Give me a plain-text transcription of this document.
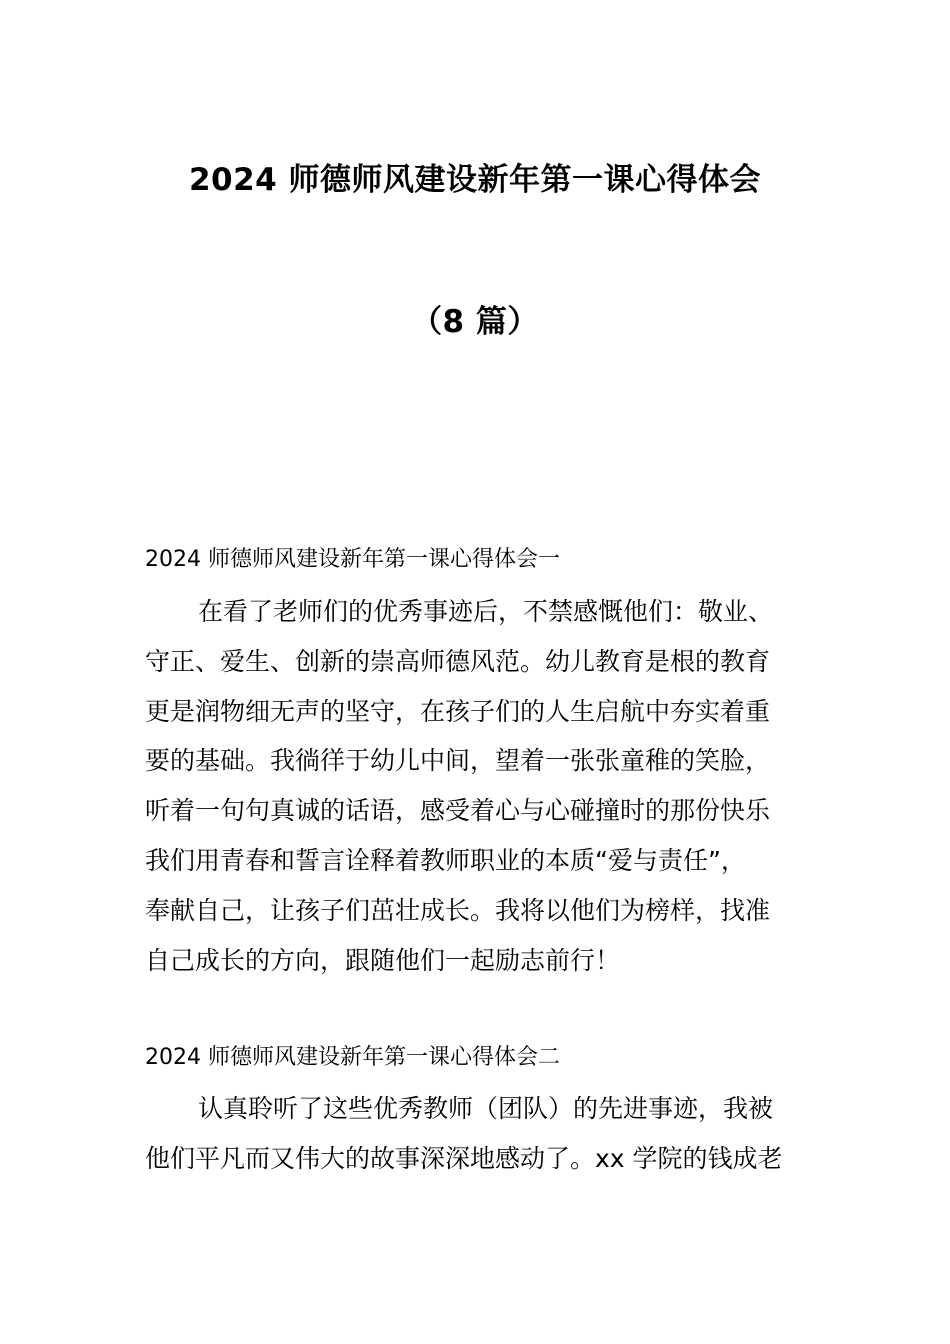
2024 师德师风建设新年第一课心得体会
（8 篇）
2024 师德师风建设新年第一课心得体会一
在看了老师们的优秀事迹后，不禁感慨他们：敬业、
守正、爱生、创新的崇高师德风范。幼儿教育是根的教育
更是润物细无声的坚守，在孩子们的人生启航中夯实着重
要的基础。我徜徉于幼儿中间，望着一张张童稚的笑脸，
听着一句句真诚的话语，感受着心与心碰撞时的那份快乐
我们用青春和誓言诠释着教师职业的本质“爱与责任”，
奉献自己，让孩子们茁壮成长。我将以他们为榜样，找准
自己成长的方向，跟随他们一起励志前行！
2024 师德师风建设新年第一课心得体会二
认真聆听了这些优秀教师（团队）的先进事迹，我被
他们平凡而又伟大的故事深深地感动了。xx 学院的钱成老
